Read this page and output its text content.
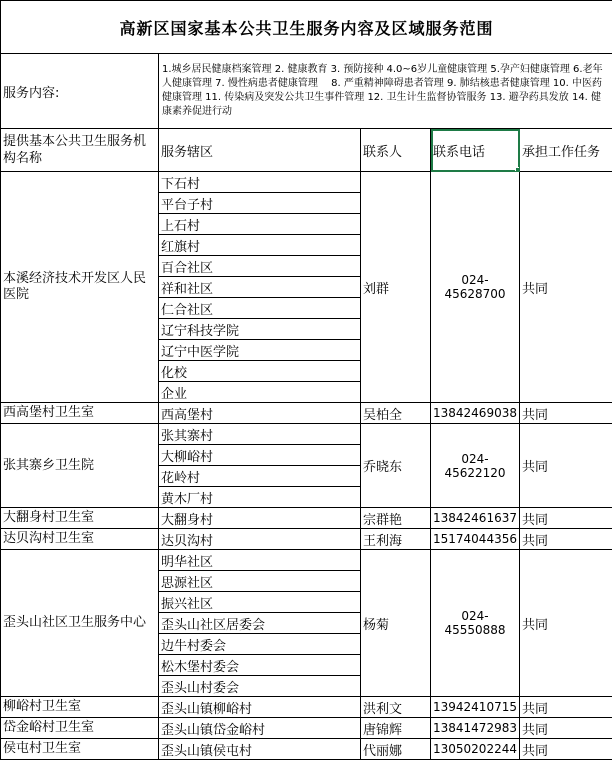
高新区国家基本公共卫生服务内容及区域服务范围				
服务内容:	1.城乡居民健康档案管理 2. 健康教育 3. 预防接种 4.0~6岁儿童健康管理 5.孕产妇健康管理 6.老年人健康管理 7. 慢性病患者健康管理　 8. 严重精神障碍患者管理 9. 肺结核患者健康管理 10. 中医药健康管理 11. 传染病及突发公共卫生事件管理 12. 卫生计生监督协管服务 13. 避孕药具发放 14. 健康素养促进行动			
提供基本公共卫生服务机构名称	服务辖区	联系人	联系电话	承担工作任务
本溪经济技术开发区人民医院	下石村	刘群	024-45628700	共同
	平台子村			
	上石村			
	红旗村			
	百合社区			
	祥和社区			
	仁合社区			
	辽宁科技学院			
	辽宁中医学院			
	化校			
	企业			
西高堡村卫生室	西高堡村	吴柏全	13842469038	共同
张其寨乡卫生院	张其寨村	乔晓东	024-45622120	共同
	大柳峪村			
	花岭村			
	黄木厂村			
大翻身村卫生室	大翻身村	宗群艳	13842461637	共同
达贝沟村卫生室	达贝沟村	王利海	15174044356	共同
歪头山社区卫生服务中心	明华社区	杨菊	024-45550888	共同
	思源社区			
	振兴社区			
	歪头山社区居委会			
	边牛村委会			
	松木堡村委会			
	歪头山村委会			
柳峪村卫生室	歪头山镇柳峪村	洪利文	13942410715	共同
岱金峪村卫生室	歪头山镇岱金峪村	唐锦辉	13841472983	共同
侯屯村卫生室	歪头山镇侯屯村	代丽娜	13050202244	共同
